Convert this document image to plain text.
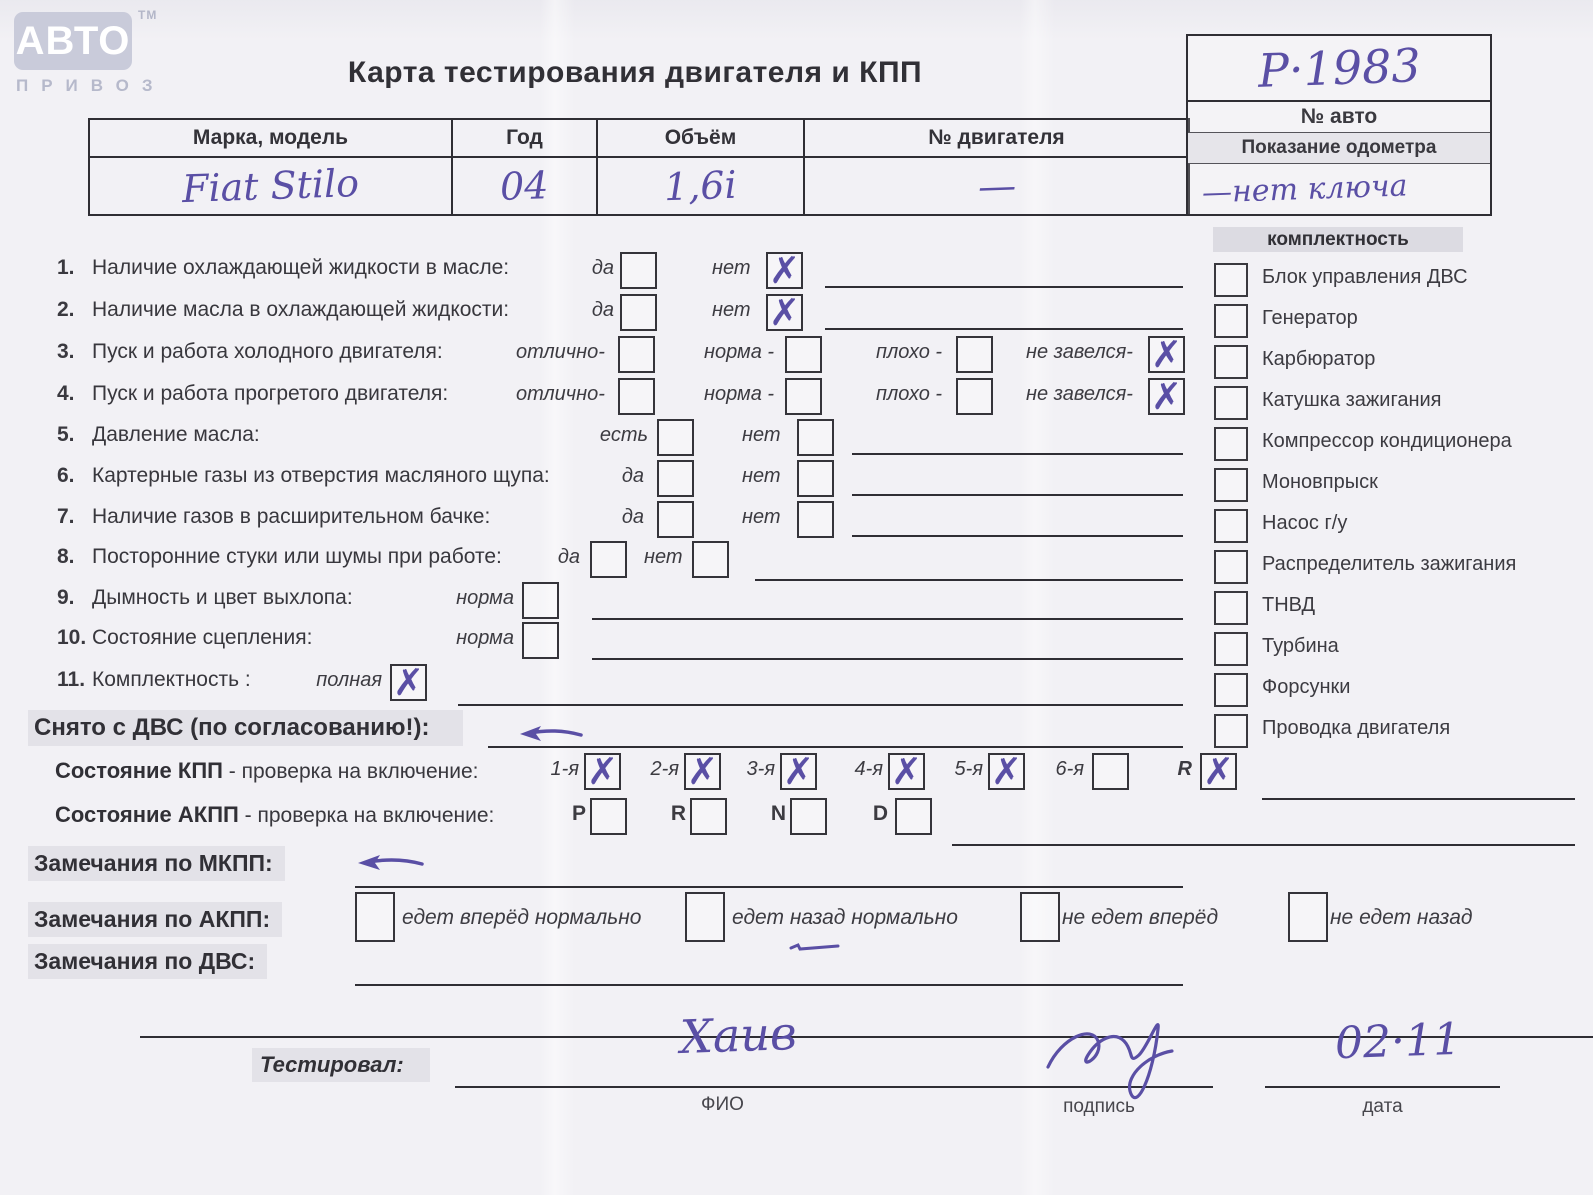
АВТО
ТМ
ПРИВОЗ	Карта тестирования двигателя и КПП
Марка, модель	Год	Объём	№ двигателя
Fiat Stilo	04	1,6i	—
Р·1983
№ авто
Показание одометра
—нет ключа
комплектность
Блок управления ДВС
Генератор
Карбюратор
Катушка зажигания
Компрессор кондиционера
Моновпрыск
Насос г/у
Распределитель зажигания
ТНВД
Турбина
Форсунки
Проводка двигателя
1. Наличие охлаждающей жидкости в масле:	да	нет ✗
2. Наличие масла в охлаждающей жидкости:	да	нет ✗
3. Пуск и работа холодного двигателя:	отлично-	норма -	плохо -	не завелся- ✗
4. Пуск и работа прогретого двигателя:	отлично-	норма -	плохо -	не завелся- ✗
5. Давление масла:	есть	нет
6. Картерные газы из отверстия масляного щупа:	да	нет
7. Наличие газов в расширительном бачке:	да	нет
8. Посторонние стуки или шумы при работе:	да	нет
9. Дымность и цвет выхлопа:	норма
10. Состояние сцепления:	норма
11. Комплектность :	полная ✗
Снято с ДВС (по согласованию!):
Состояние КПП - проверка на включение:	1-я ✗ 2-я ✗ 3-я ✗ 4-я ✗ 5-я ✗ 6-я	R ✗
Состояние АКПП - проверка на включение:	P	R	N	D
Замечания по МКПП:
Замечания по АКПП:	едет вперёд нормально	едет назад нормально	не едет вперёд	не едет назад
Замечания по ДВС:
Тестировал:
Хаив
ФИО	подпись
02·11
дата
